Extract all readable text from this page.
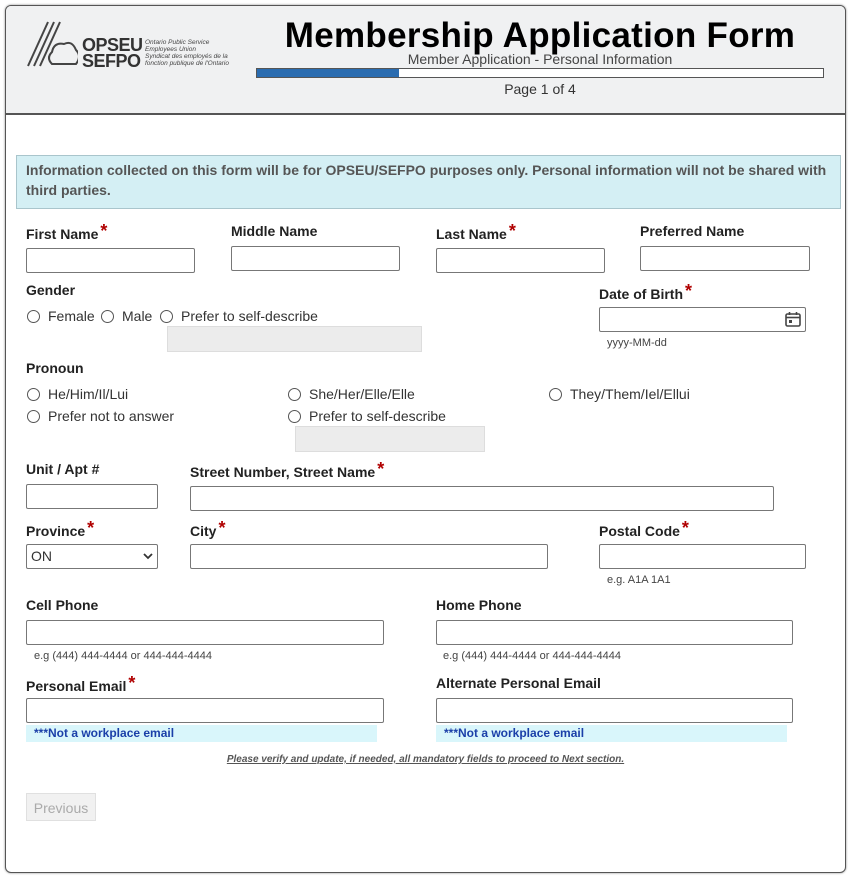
OPSEU
SEFPO
Ontario Public Service
Employees Union
Syndicat des employés de la
fonction publique de l'Ontario
Membership Application Form
Member Application - Personal Information
Page 1 of 4
Information collected on this form will be for OPSEU/SEFPO purposes only. Personal information will not be shared with third parties.
First Name *	Middle Name	Last Name *	Preferred Name
Gender
Female Male Prefer to self-describe
Date of Birth *
yyyy-MM-dd
Pronoun
He/Him/Il/Lui	She/Her/Elle/Elle	They/Them/Iel/Ellui
Prefer not to answer	Prefer to self-describe
Unit / Apt #	Street Number, Street Name *
Province *
ON
City *	Postal Code *
e.g. A1A 1A1
Cell Phone
e.g (444) 444-4444 or 444-444-4444
Home Phone
e.g (444) 444-4444 or 444-444-4444
Personal Email *
***Not a workplace email
Alternate Personal Email
***Not a workplace email
Please verify and update, if needed, all mandatory fields to proceed to Next section.
Previous
